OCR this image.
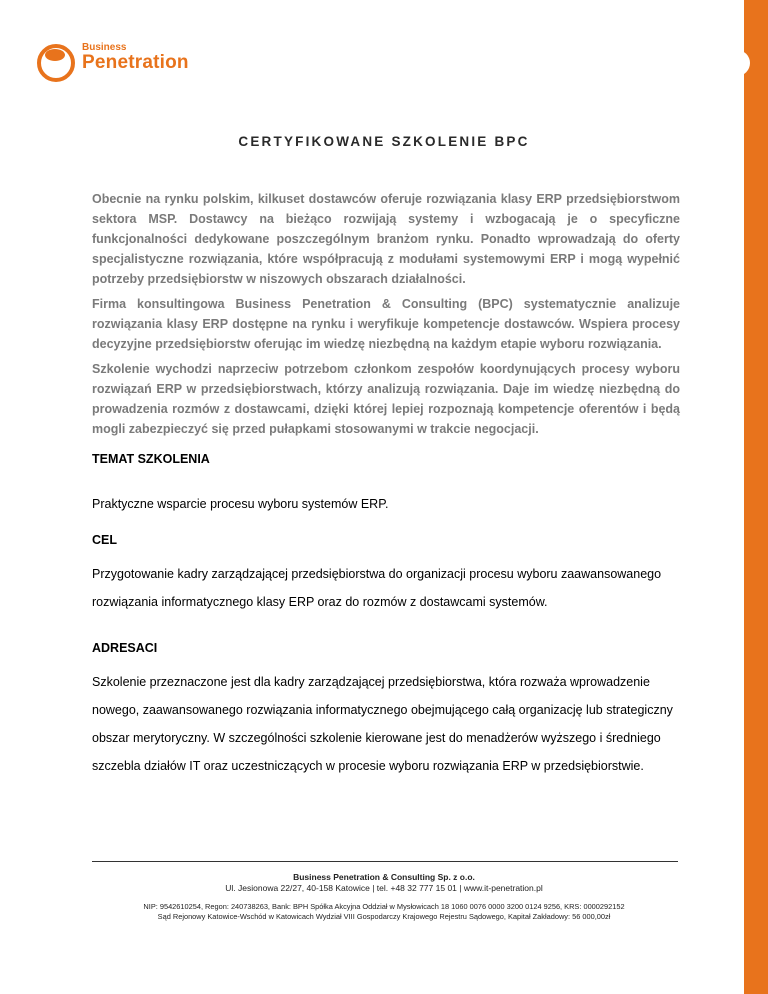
Business
Penetration
CERTYFIKOWANE SZKOLENIE BPC

Obecnie na rynku polskim, kilkuset dostawców oferuje rozwiązania klasy ERP przedsiębiorstwom sektora MSP. Dostawcy na bieżąco rozwijają systemy i wzbogacają je o specyficzne funkcjonalności dedykowane poszczególnym branżom rynku. Ponadto wprowadzają do oferty specjalistyczne rozwiązania, które współpracują z modułami systemowymi ERP i mogą wypełnić potrzeby przedsiębiorstw w niszowych obszarach działalności.

Firma konsultingowa Business Penetration & Consulting (BPC) systematycznie analizuje rozwiązania klasy ERP dostępne na rynku i weryfikuje kompetencje dostawców. Wspiera procesy decyzyjne przedsiębiorstw oferując im wiedzę niezbędną na każdym etapie wyboru rozwiązania.

Szkolenie wychodzi naprzeciw potrzebom członkom zespołów koordynujących procesy wyboru rozwiązań ERP w przedsiębiorstwach, którzy analizują rozwiązania. Daje im wiedzę niezbędną do prowadzenia rozmów z dostawcami, dzięki której lepiej rozpoznają kompetencje oferentów i będą mogli zabezpieczyć się przed pułapkami stosowanymi w trakcie negocjacji.

TEMAT SZKOLENIA

Praktyczne wsparcie procesu wyboru systemów ERP.

CEL

Przygotowanie kadry zarządzającej przedsiębiorstwa do organizacji procesu wyboru zaawansowanego rozwiązania informatycznego klasy ERP oraz do rozmów z dostawcami systemów.

ADRESACI

Szkolenie przeznaczone jest dla kadry zarządzającej przedsiębiorstwa, która rozważa wprowadzenie nowego, zaawansowanego rozwiązania informatycznego obejmującego całą organizację lub strategiczny obszar merytoryczny. W szczególności szkolenie kierowane jest do menadżerów wyższego i średniego szczebla działów IT oraz uczestniczących w procesie wyboru rozwiązania ERP w przedsiębiorstwie.

Business Penetration & Consulting Sp. z o.o.

Ul. Jesionowa 22/27, 40-158 Katowice | tel. +48 32 777 15 01 | www.it-penetration.pl

NIP: 9542610254, Regon: 240738263, Bank: BPH Spółka Akcyjna Oddział w Mysłowicach 18 1060 0076 0000 3200 0124 9256, KRS: 0000292152

Sąd Rejonowy Katowice-Wschód w Katowicach Wydział VIII Gospodarczy Krajowego Rejestru Sądowego, Kapitał Zakładowy: 56 000,00zł
